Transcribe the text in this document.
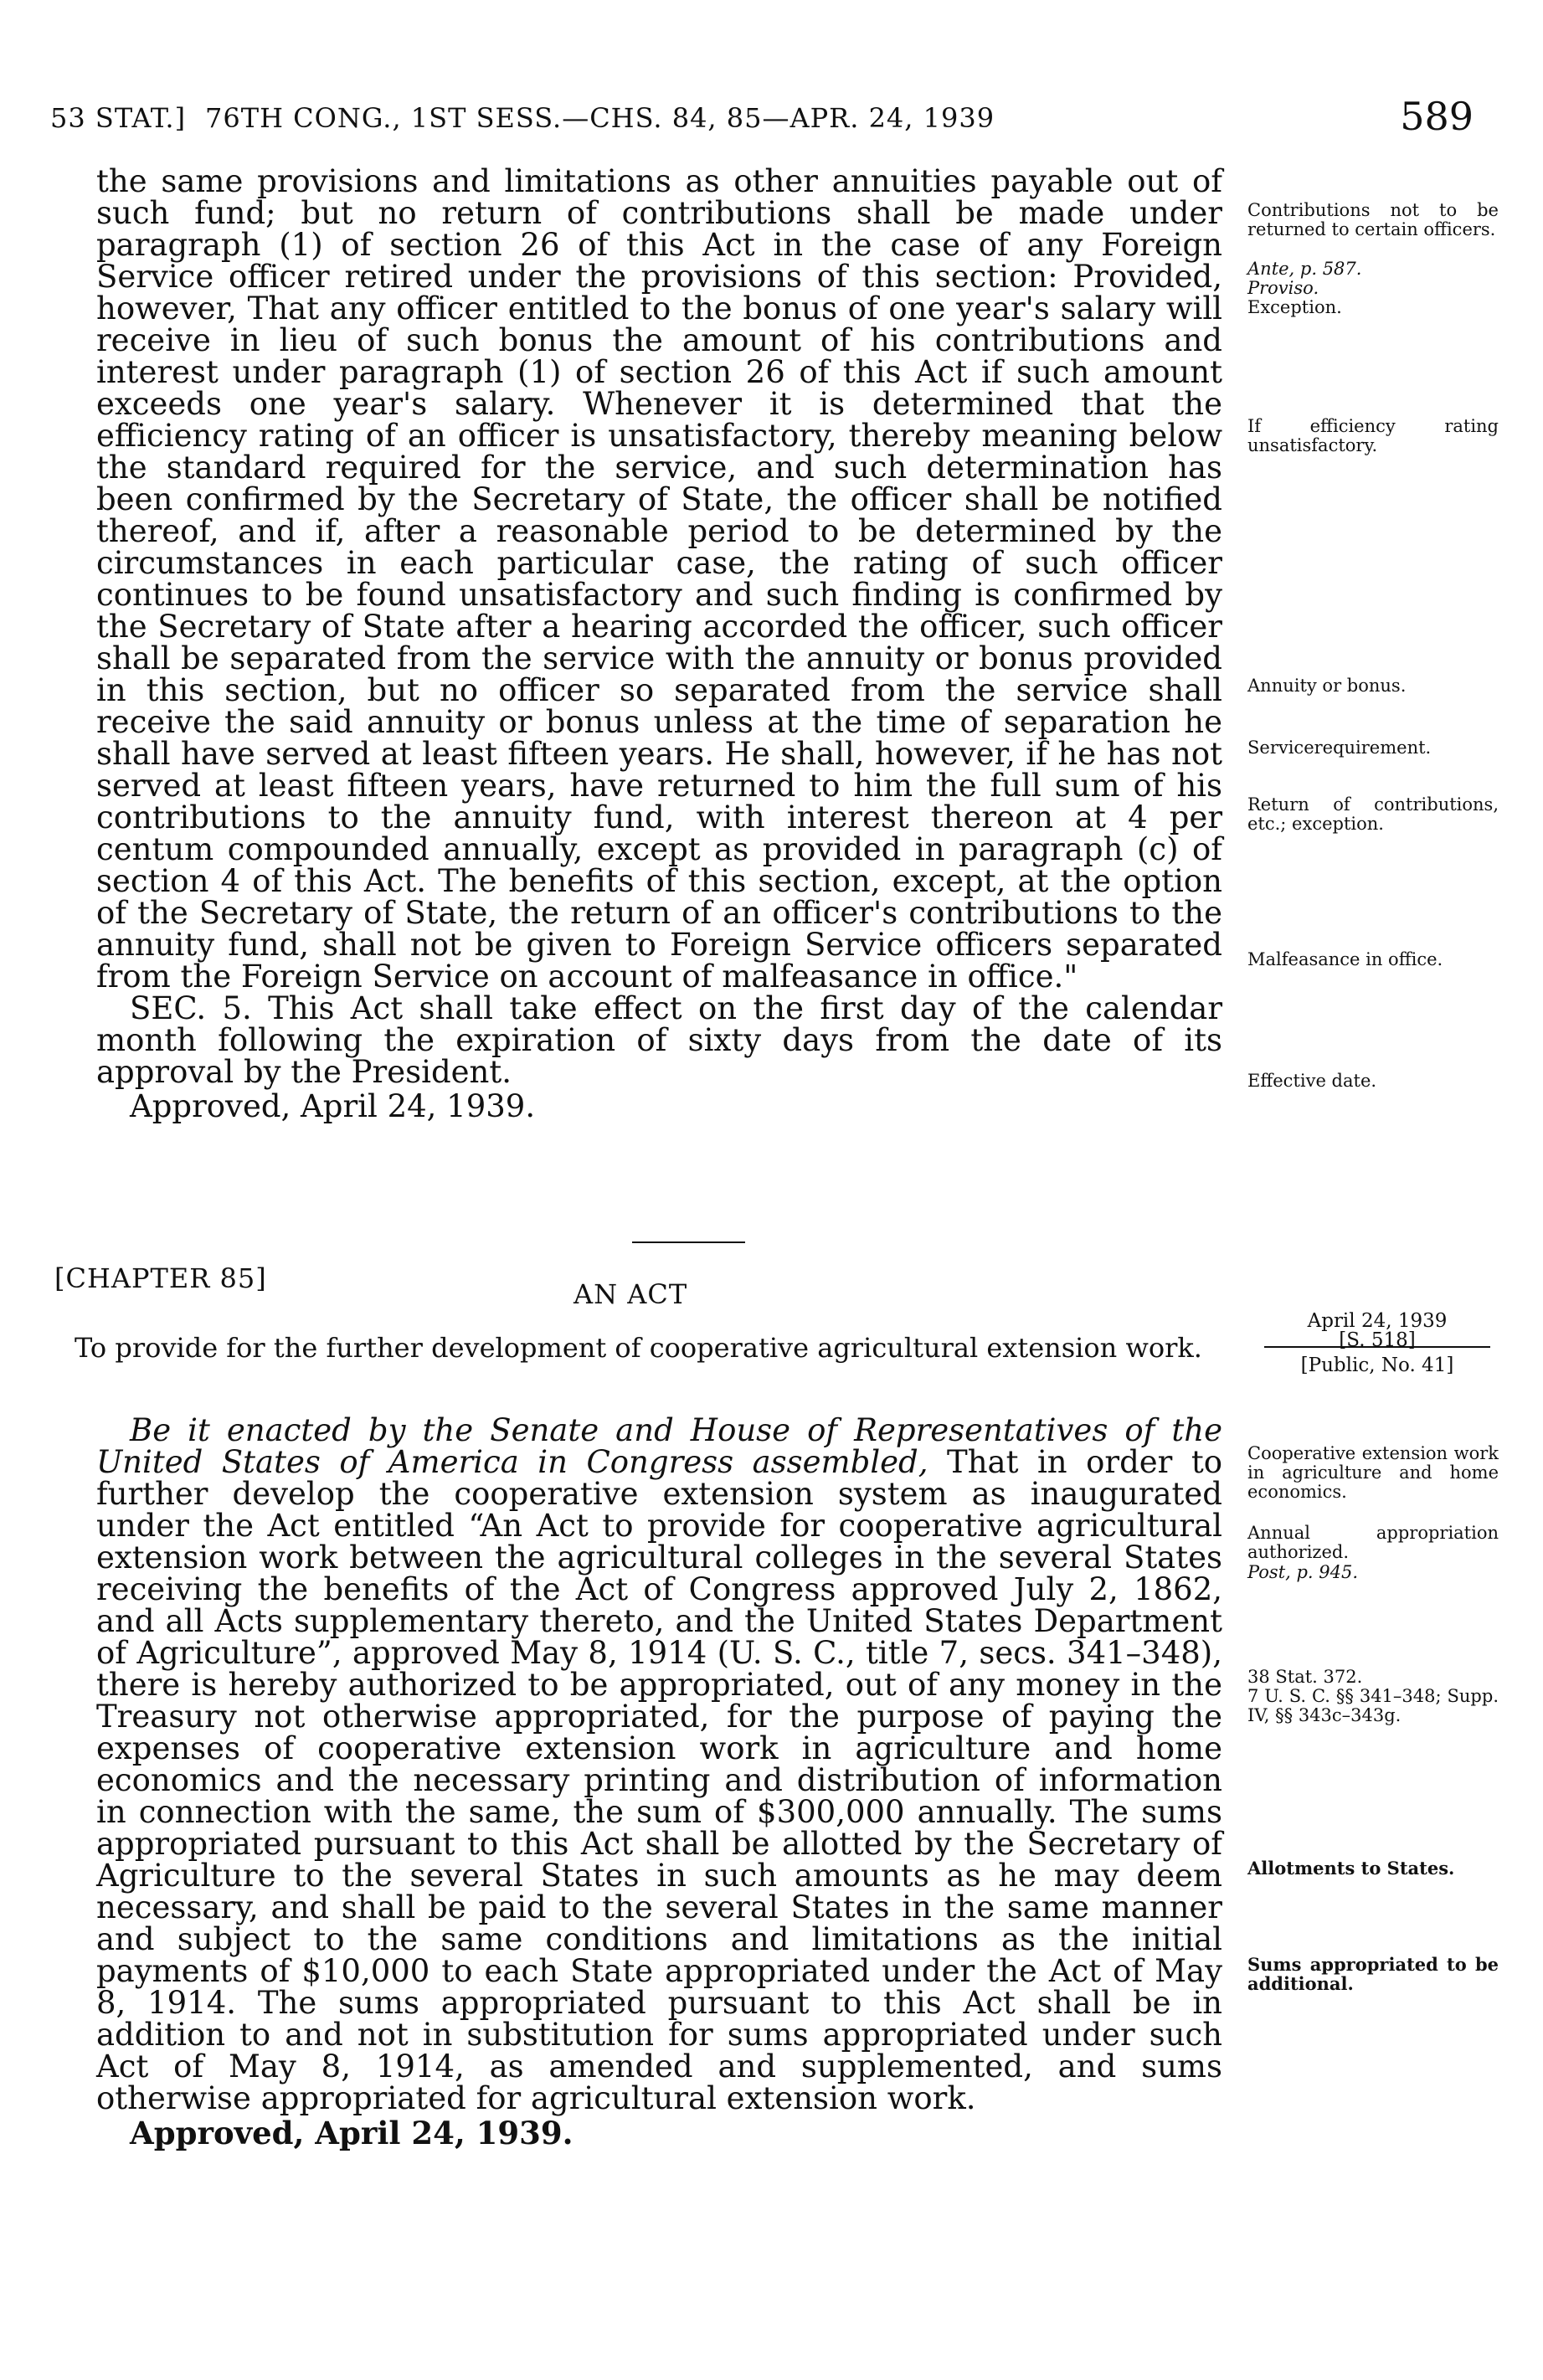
53 STAT.] 76TH CONG., 1ST SESS.—CHS. 84, 85—APR. 24, 1939	589

the same provisions and limitations as other annuities payable out of such fund; but no return of contributions shall be made under paragraph (1) of section 26 of this Act in the case of any Foreign Service officer retired under the provisions of this section: Provided, however, That any officer entitled to the bonus of one year's salary will receive in lieu of such bonus the amount of his contributions and interest under paragraph (1) of section 26 of this Act if such amount exceeds one year's salary. Whenever it is determined that the efficiency rating of an officer is unsatisfactory, thereby meaning below the standard required for the service, and such determination has been confirmed by the Secretary of State, the officer shall be notified thereof, and if, after a reasonable period to be determined by the circumstances in each particular case, the rating of such officer continues to be found unsatisfactory and such finding is confirmed by the Secretary of State after a hearing accorded the officer, such officer shall be separated from the service with the annuity or bonus provided in this section, but no officer so separated from the service shall receive the said annuity or bonus unless at the time of separation he shall have served at least fifteen years. He shall, however, if he has not served at least fifteen years, have returned to him the full sum of his contributions to the annuity fund, with interest thereon at 4 per centum compounded annually, except as provided in paragraph (c) of section 4 of this Act. The benefits of this section, except, at the option of the Secretary of State, the return of an officer's contributions to the annuity fund, shall not be given to Foreign Service officers separated from the Foreign Service on account of malfeasance in office."

SEC. 5. This Act shall take effect on the first day of the calendar month following the expiration of sixty days from the date of its approval by the President.

Approved, April 24, 1939.
Contributions not to be returned to certain officers.
Ante, p. 587.
Proviso.
Exception.
If efficiency rating unsatisfactory.
Annuity or bonus.
Servicerequirement.
Return of contributions, etc.; exception.
Malfeasance in office.
Effective date.
[CHAPTER 85]	AN ACT
To provide for the further development of cooperative agricultural extension work.
April 24, 1939
[S. 518]
[Public, No. 41]

Be it enacted by the Senate and House of Representatives of the United States of America in Congress assembled, That in order to further develop the cooperative extension system as inaugurated under the Act entitled “An Act to provide for cooperative agricultural extension work between the agricultural colleges in the several States receiving the benefits of the Act of Congress approved July 2, 1862, and all Acts supplementary thereto, and the United States Department of Agriculture”, approved May 8, 1914 (U. S. C., title 7, secs. 341–348), there is hereby authorized to be appropriated, out of any money in the Treasury not otherwise appropriated, for the purpose of paying the expenses of cooperative extension work in agriculture and home economics and the necessary printing and distribution of information in connection with the same, the sum of $300,000 annually. The sums appropriated pursuant to this Act shall be allotted by the Secretary of Agriculture to the several States in such amounts as he may deem necessary, and shall be paid to the several States in the same manner and subject to the same conditions and limitations as the initial payments of $10,000 to each State appropriated under the Act of May 8, 1914. The sums appropriated pursuant to this Act shall be in addition to and not in substitution for sums appropriated under such Act of May 8, 1914, as amended and supplemented, and sums otherwise appropriated for agricultural extension work.

Approved, April 24, 1939.
Cooperative extension work in agriculture and home economics.
Annual appropriation authorized.
Post, p. 945.
38 Stat. 372.
7 U. S. C. §§ 341–348; Supp. IV, §§ 343c–343g.
Allotments to States.
Sums appropriated to be additional.
